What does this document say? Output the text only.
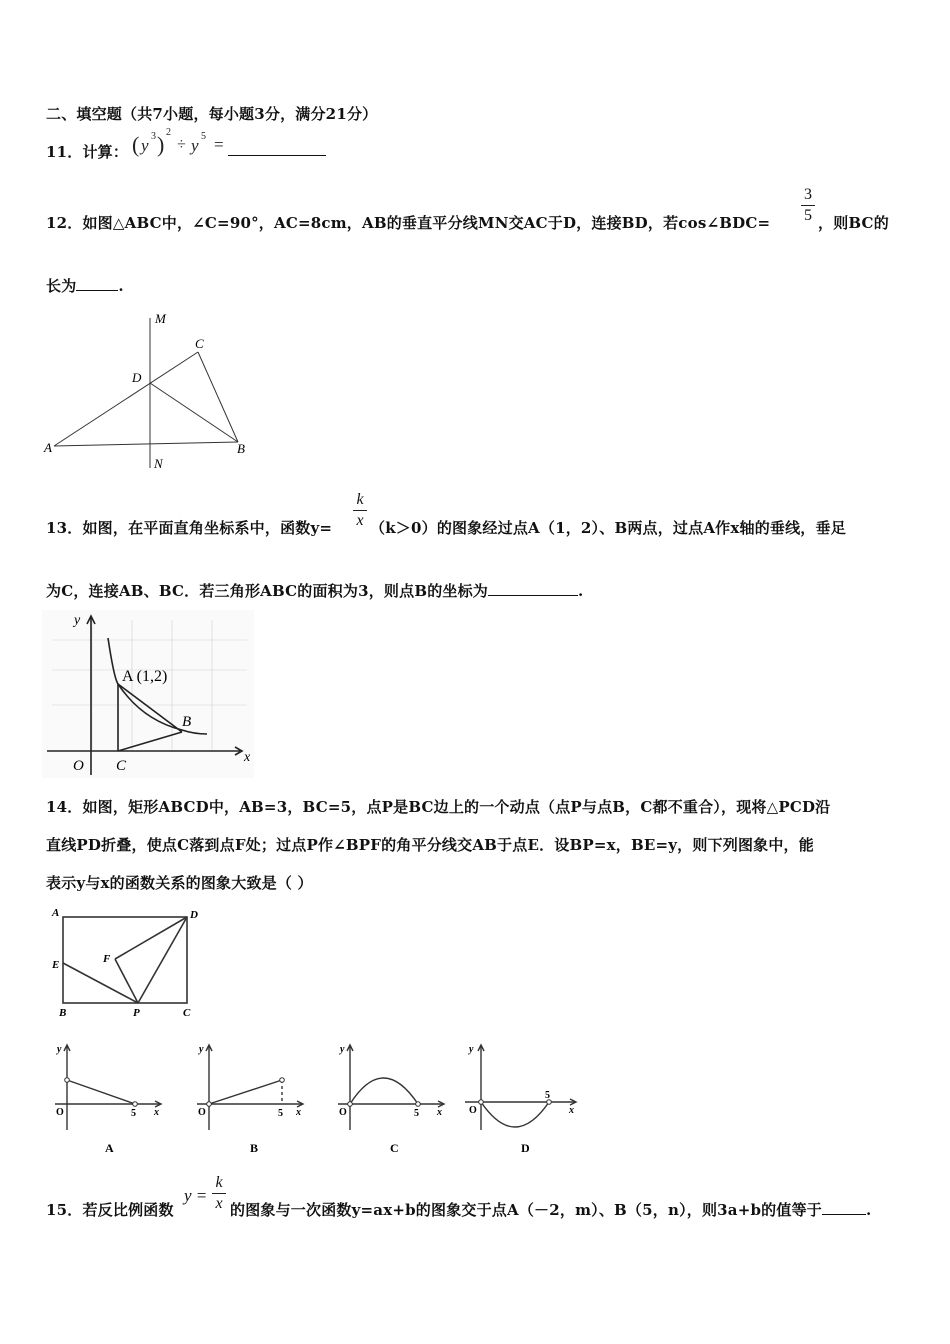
二、填空题（共7小题，每小题3分，满分21分）
11．计算： ( y 3 ) 2
÷ y 5 =
12．如图△ABC中，∠C=90°，AC=8cm，AB的垂直平分线MN交AC于D，连接BD，若cos∠BDC=
3
5 ，则BC的
长为	.
M
C
D
A	B
N
13．如图，在平面直角坐标系中，函数y=
k
x （k＞0）的图象经过点A（1，2）、B两点，过点A作x轴的垂线，垂足
为C，连接AB、BC．若三角形ABC的面积为3，则点B的坐标为	.
y
A (1,2)
B
O C
x
14．如图，矩形ABCD中，AB=3，BC=5，点P是BC边上的一个动点（点P与点B，C都不重合），现将△PCD沿
直线PD折叠，使点C落到点F处；过点P作∠BPF的角平分线交AB于点E．设BP=x，BE=y，则下列图象中，能
表示y与x的函数关系的图象大致是（ ）
A	D
E	F
B	P	C
y
O	5 x
A
y
O	5 x
B
y
O	5 x
C
y
O
5
x
D
15．若反比例函数
y =
k
x 的图象与一次函数y=ax+b的图象交于点A（－2，m）、B（5，n），则3a+b的值等于	.
